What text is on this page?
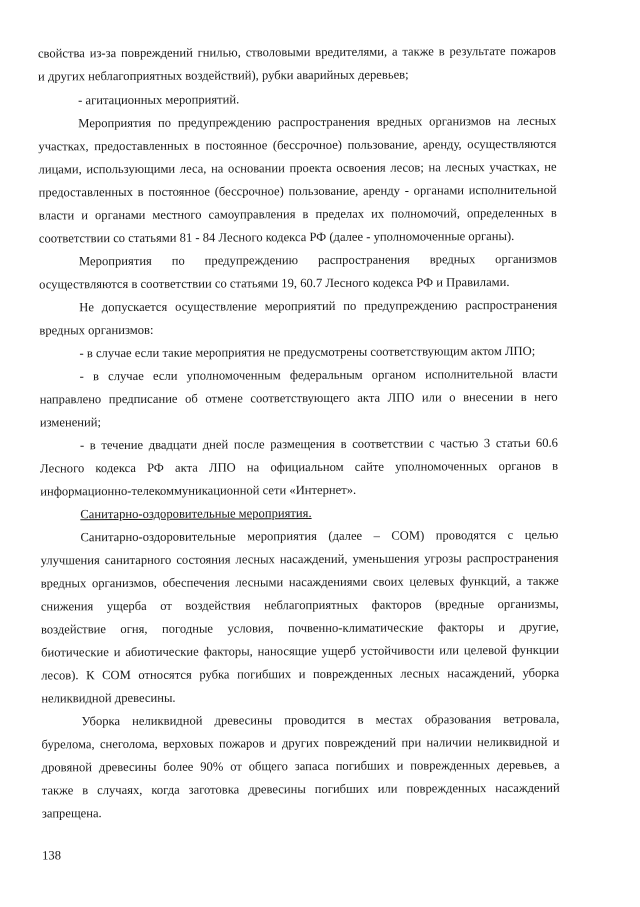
свойства из-за повреждений гнилью, стволовыми вредителями, а также в результате пожаров
и других неблагоприятных воздействий), рубки аварийных деревьев;
- агитационных мероприятий.
Мероприятия по предупреждению распространения вредных организмов на лесных
участках, предоставленных в постоянное (бессрочное) пользование, аренду, осуществляются
лицами, использующими леса, на основании проекта освоения лесов; на лесных участках, не
предоставленных в постоянное (бессрочное) пользование, аренду - органами исполнительной
власти и органами местного самоуправления в пределах их полномочий, определенных в
соответствии со статьями 81 - 84 Лесного кодекса РФ (далее - уполномоченные органы).
Мероприятия по предупреждению распространения вредных организмов
осуществляются в соответствии со статьями 19, 60.7 Лесного кодекса РФ и Правилами.
Не допускается осуществление мероприятий по предупреждению распространения
вредных организмов:
- в случае если такие мероприятия не предусмотрены соответствующим актом ЛПО;
- в случае если уполномоченным федеральным органом исполнительной власти
направлено предписание об отмене соответствующего акта ЛПО или о внесении в него
изменений;
- в течение двадцати дней после размещения в соответствии с частью 3 статьи 60.6
Лесного кодекса РФ акта ЛПО на официальном сайте уполномоченных органов в
информационно-телекоммуникационной сети «Интернет».
Санитарно-оздоровительные мероприятия.
Санитарно-оздоровительные мероприятия (далее – СОМ) проводятся с целью
улучшения санитарного состояния лесных насаждений, уменьшения угрозы распространения
вредных организмов, обеспечения лесными насаждениями своих целевых функций, а также
снижения ущерба от воздействия неблагоприятных факторов (вредные организмы,
воздействие огня, погодные условия, почвенно-климатические факторы и другие,
биотические и абиотические факторы, наносящие ущерб устойчивости или целевой функции
лесов). К СОМ относятся рубка погибших и поврежденных лесных насаждений, уборка
неликвидной древесины.
Уборка неликвидной древесины проводится в местах образования ветровала,
бурелома, снеголома, верховых пожаров и других повреждений при наличии неликвидной и
дровяной древесины более 90% от общего запаса погибших и поврежденных деревьев, а
также в случаях, когда заготовка древесины погибших или поврежденных насаждений
запрещена.
138
